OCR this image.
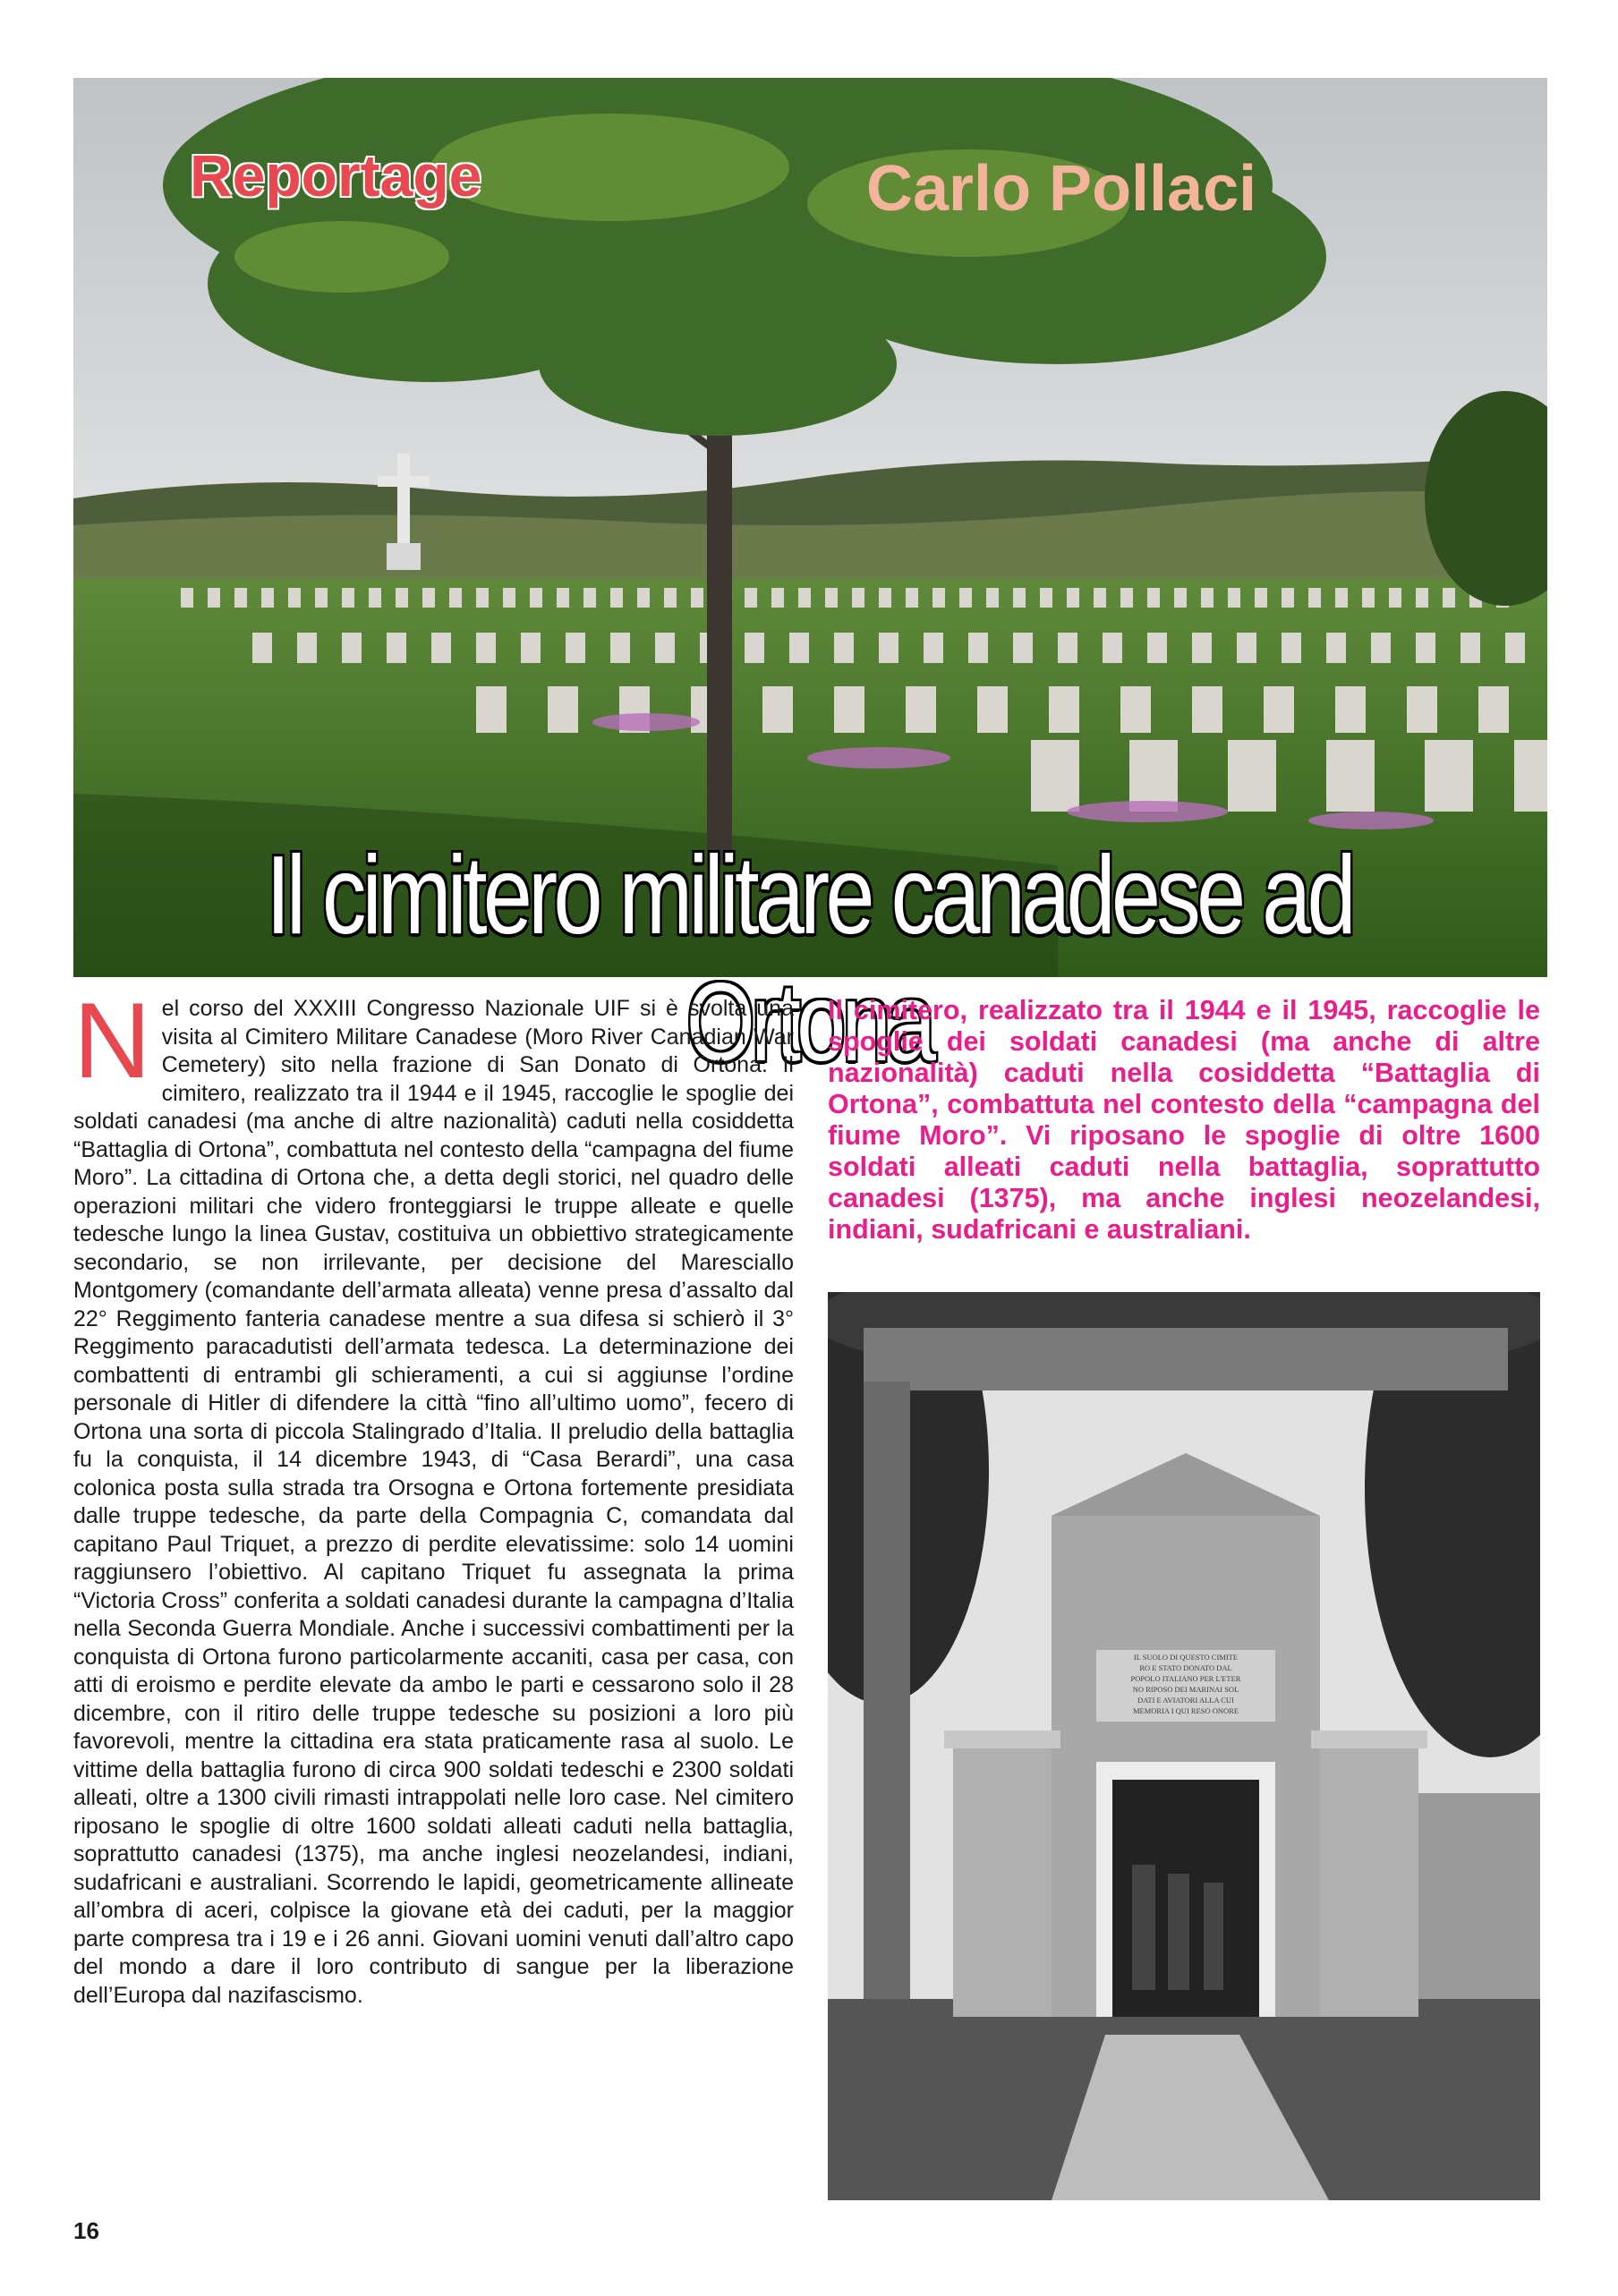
Reportage	Carlo Pollaci
Il cimitero militare canadese ad Ortona
Nel corso del XXXIII Congresso Nazionale UIF si è svolta una visita al Cimitero Militare Canadese (Moro River Canadian War Cemetery) sito nella frazione di San Donato di Ortona. Il cimitero, realizzato tra il 1944 e il 1945, raccoglie le spoglie dei soldati canadesi (ma anche di altre nazionalità) caduti nella cosiddetta “Battaglia di Ortona”, combattuta nel contesto della “campagna del fiume Moro”. La cittadina di Ortona che, a detta degli storici, nel quadro delle operazioni militari che videro fronteggiarsi le truppe alleate e quelle tedesche lungo la linea Gustav, costituiva un obbiettivo strategicamente secondario, se non irrilevante, per decisione del Maresciallo Montgomery (comandante dell’armata alleata) venne presa d’assalto dal 22° Reggimento fanteria canadese mentre a sua difesa si schierò il 3° Reggimento paracadutisti dell’armata tedesca. La determinazione dei combattenti di entrambi gli schieramenti, a cui si aggiunse l’ordine personale di Hitler di difendere la città “fino all’ultimo uomo”, fecero di Ortona una sorta di piccola Stalingrado d’Italia. Il preludio della battaglia fu la conquista, il 14 dicembre 1943, di “Casa Berardi”, una casa colonica posta sulla strada tra Orsogna e Ortona fortemente presidiata dalle truppe tedesche, da parte della Compagnia C, comandata dal capitano Paul Triquet, a prezzo di perdite elevatissime: solo 14 uomini raggiunsero l’obiettivo. Al capitano Triquet fu assegnata la prima “Victoria Cross” conferita a soldati canadesi durante la campagna d’Italia nella Seconda Guerra Mondiale. Anche i successivi combattimenti per la conquista di Ortona furono particolarmente accaniti, casa per casa, con atti di eroismo e perdite elevate da ambo le parti e cessarono solo il 28 dicembre, con il ritiro delle truppe tedesche su posizioni a loro più favorevoli, mentre la cittadina era stata praticamente rasa al suolo. Le vittime della battaglia furono di circa 900 soldati tedeschi e 2300 soldati alleati, oltre a 1300 civili rimasti intrappolati nelle loro case. Nel cimitero riposano le spoglie di oltre 1600 soldati alleati caduti nella battaglia, soprattutto canadesi (1375), ma anche inglesi neozelandesi, indiani, sudafricani e australiani. Scorrendo le lapidi, geometricamente allineate all’ombra di aceri, colpisce la giovane età dei caduti, per la maggior parte compresa tra i 19 e i 26 anni. Giovani uomini venuti dall’altro capo del mondo a dare il loro contributo di sangue per la liberazione dell’Europa dal nazifascismo.
Il cimitero, realizzato tra il 1944 e il 1945, raccoglie le spoglie dei soldati canadesi (ma anche di altre nazionalità) caduti nella cosiddetta “Battaglia di Ortona”, combattuta nel contesto della “campagna del fiume Moro”. Vi riposano le spoglie di oltre 1600 soldati alleati caduti nella battaglia, soprattutto canadesi (1375), ma anche inglesi neozelandesi, indiani, sudafricani e australiani.
IL SUOLO DI QUESTO CIMITE
RO E STATO DONATO DAL
POPOLO ITALIANO PER L'ETER
NO RIPOSO DEI MARINAI SOL
DATI E AVIATORI ALLA CUI
MEMORIA I QUI RESO ONORE
16
